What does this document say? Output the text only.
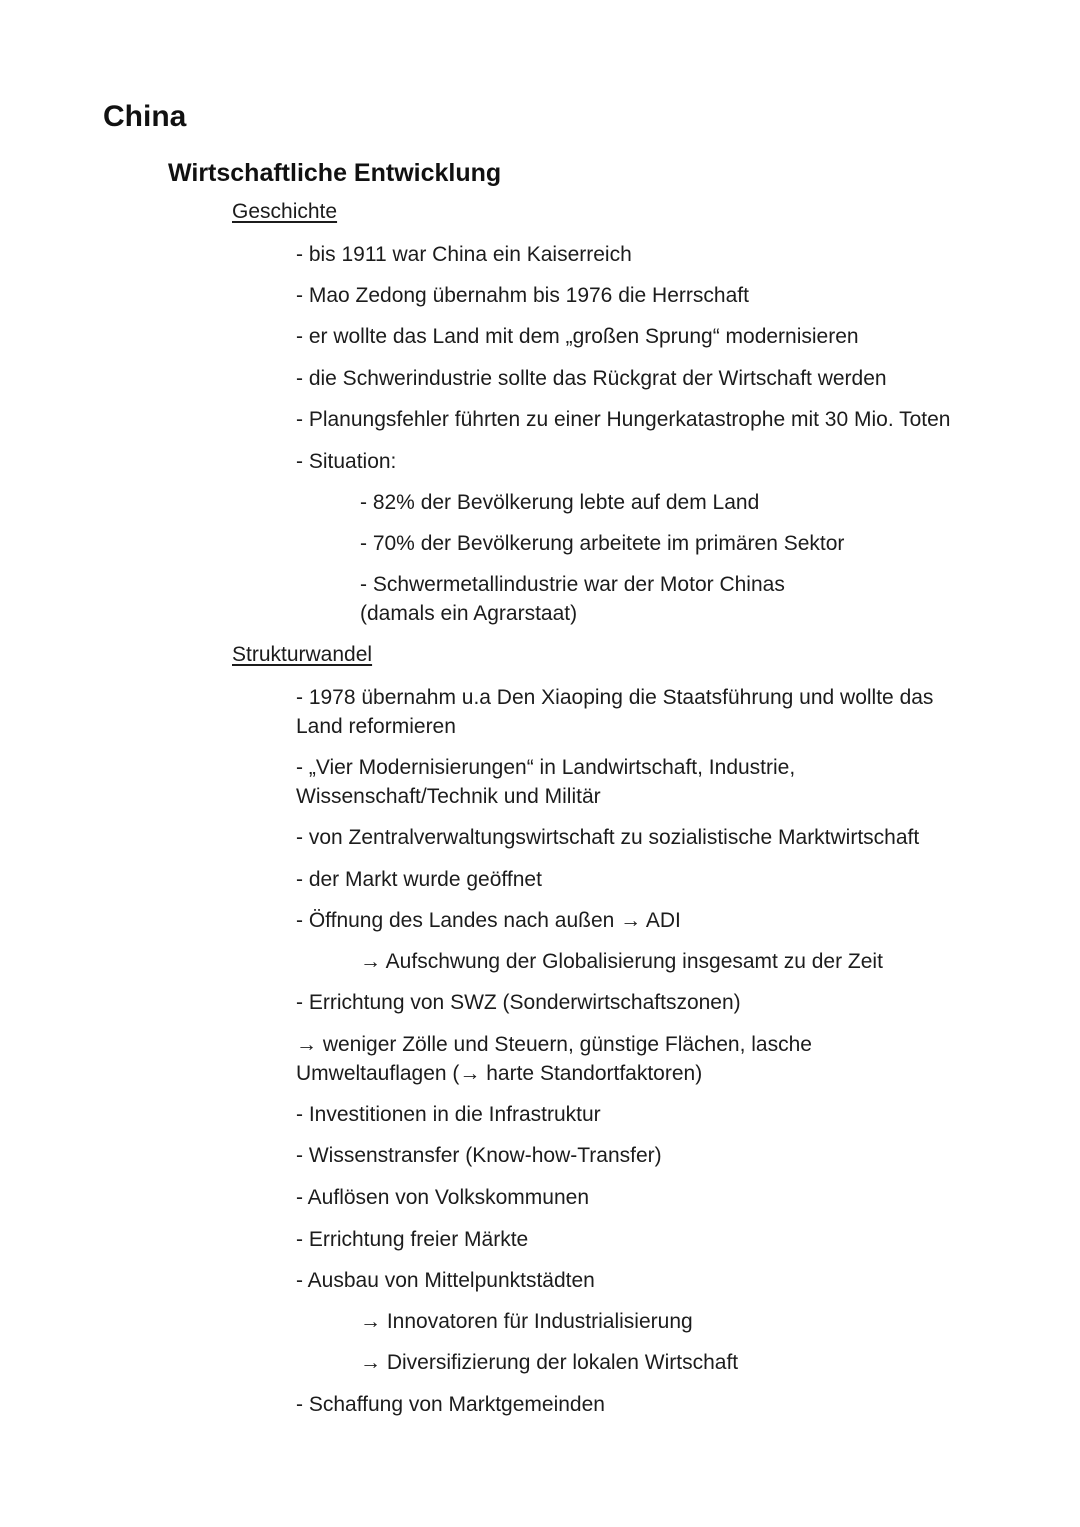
China
Wirtschaftliche Entwicklung
Geschichte
- bis 1911 war China ein Kaiserreich
- Mao Zedong übernahm bis 1976 die Herrschaft
- er wollte das Land mit dem „großen Sprung“ modernisieren
- die Schwerindustrie sollte das Rückgrat der Wirtschaft werden
- Planungsfehler führten zu einer Hungerkatastrophe mit 30 Mio. Toten
- Situation:
- 82% der Bevölkerung lebte auf dem Land
- 70% der Bevölkerung arbeitete im primären Sektor
- Schwermetallindustrie war der Motor Chinas
(damals ein Agrarstaat)
Strukturwandel
- 1978 übernahm u.a Den Xiaoping die Staatsführung und wollte das
Land reformieren
- „Vier Modernisierungen“ in Landwirtschaft, Industrie,
Wissenschaft/Technik und Militär
- von Zentralverwaltungswirtschaft zu sozialistische Marktwirtschaft
- der Markt wurde geöffnet
- Öffnung des Landes nach außen → ADI
→ Aufschwung der Globalisierung insgesamt zu der Zeit
- Errichtung von SWZ (Sonderwirtschaftszonen)
→ weniger Zölle und Steuern, günstige Flächen, lasche
Umweltauflagen (→ harte Standortfaktoren)
- Investitionen in die Infrastruktur
- Wissenstransfer (Know-how-Transfer)
- Auflösen von Volkskommunen
- Errichtung freier Märkte
- Ausbau von Mittelpunktstädten
→ Innovatoren für Industrialisierung
→ Diversifizierung der lokalen Wirtschaft
- Schaffung von Marktgemeinden
